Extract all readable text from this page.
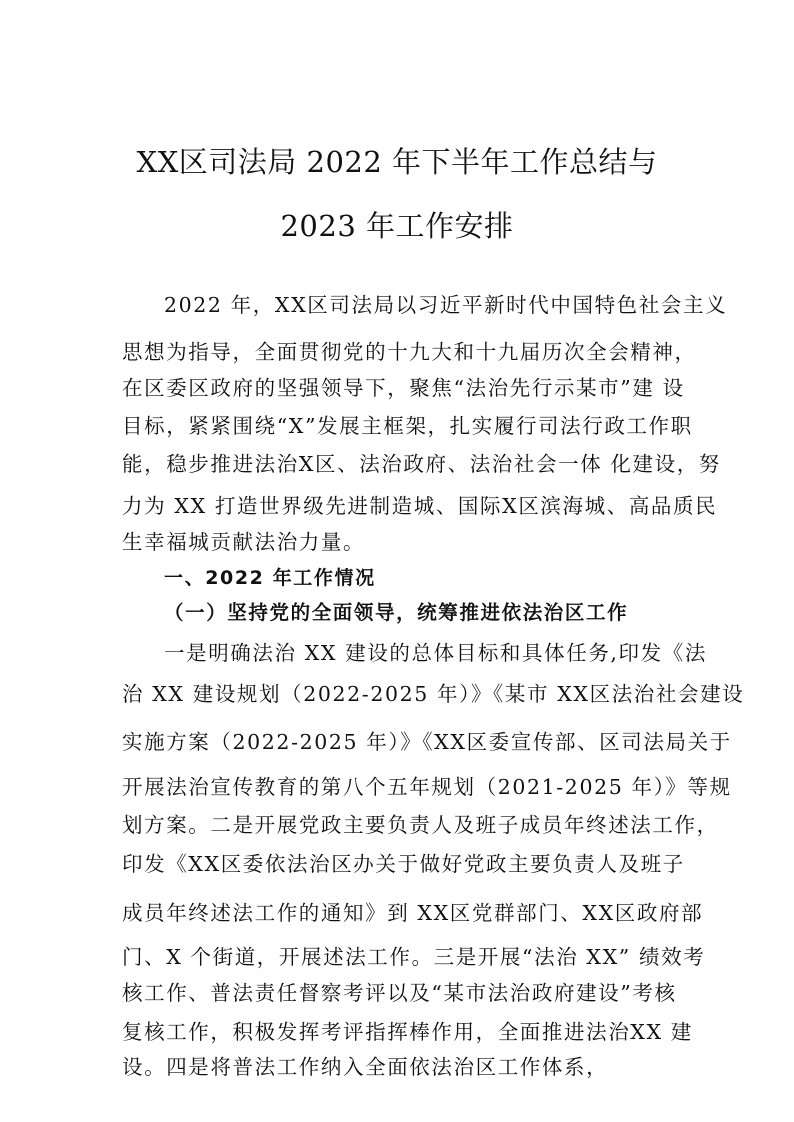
XX区司法局 2022 年下半年工作总结与
2023 年工作安排
2022 年，XX区司法局以习近平新时代中国特色社会主义
思想为指导，全面贯彻党的十九大和十九届历次全会精神，
在区委区政府的坚强领导下，聚焦“法治先行示某市”建 设
目标，紧紧围绕“X”发展主框架，扎实履行司法行政工作职
能，稳步推进法治X区、法治政府、法治社会一体 化建设，努
力为 XX 打造世界级先进制造城、国际X区滨海城、高品质民
生幸福城贡献法治力量。
一、2022 年工作情况
（一）坚持党的全面领导，统筹推进依法治区工作
一是明确法治 XX 建设的总体目标和具体任务,印发《法
治 XX 建设规划（2022-2025 年）》《某市 XX区法治社会建设
实施方案（2022-2025 年）》《XX区委宣传部、区司法局关于
开展法治宣传教育的第八个五年规划（2021-2025 年）》等规
划方案。二是开展党政主要负责人及班子成员年终述法工作，
印发《XX区委依法治区办关于做好党政主要负责人及班子
成员年终述法工作的通知》到 XX区党群部门、XX区政府部
门、X 个街道，开展述法工作。三是开展“法治 XX” 绩效考
核工作、普法责任督察考评以及“某市法治政府建设”考核
复核工作，积极发挥考评指挥棒作用，全面推进法治XX 建
设。四是将普法工作纳入全面依法治区工作体系，
